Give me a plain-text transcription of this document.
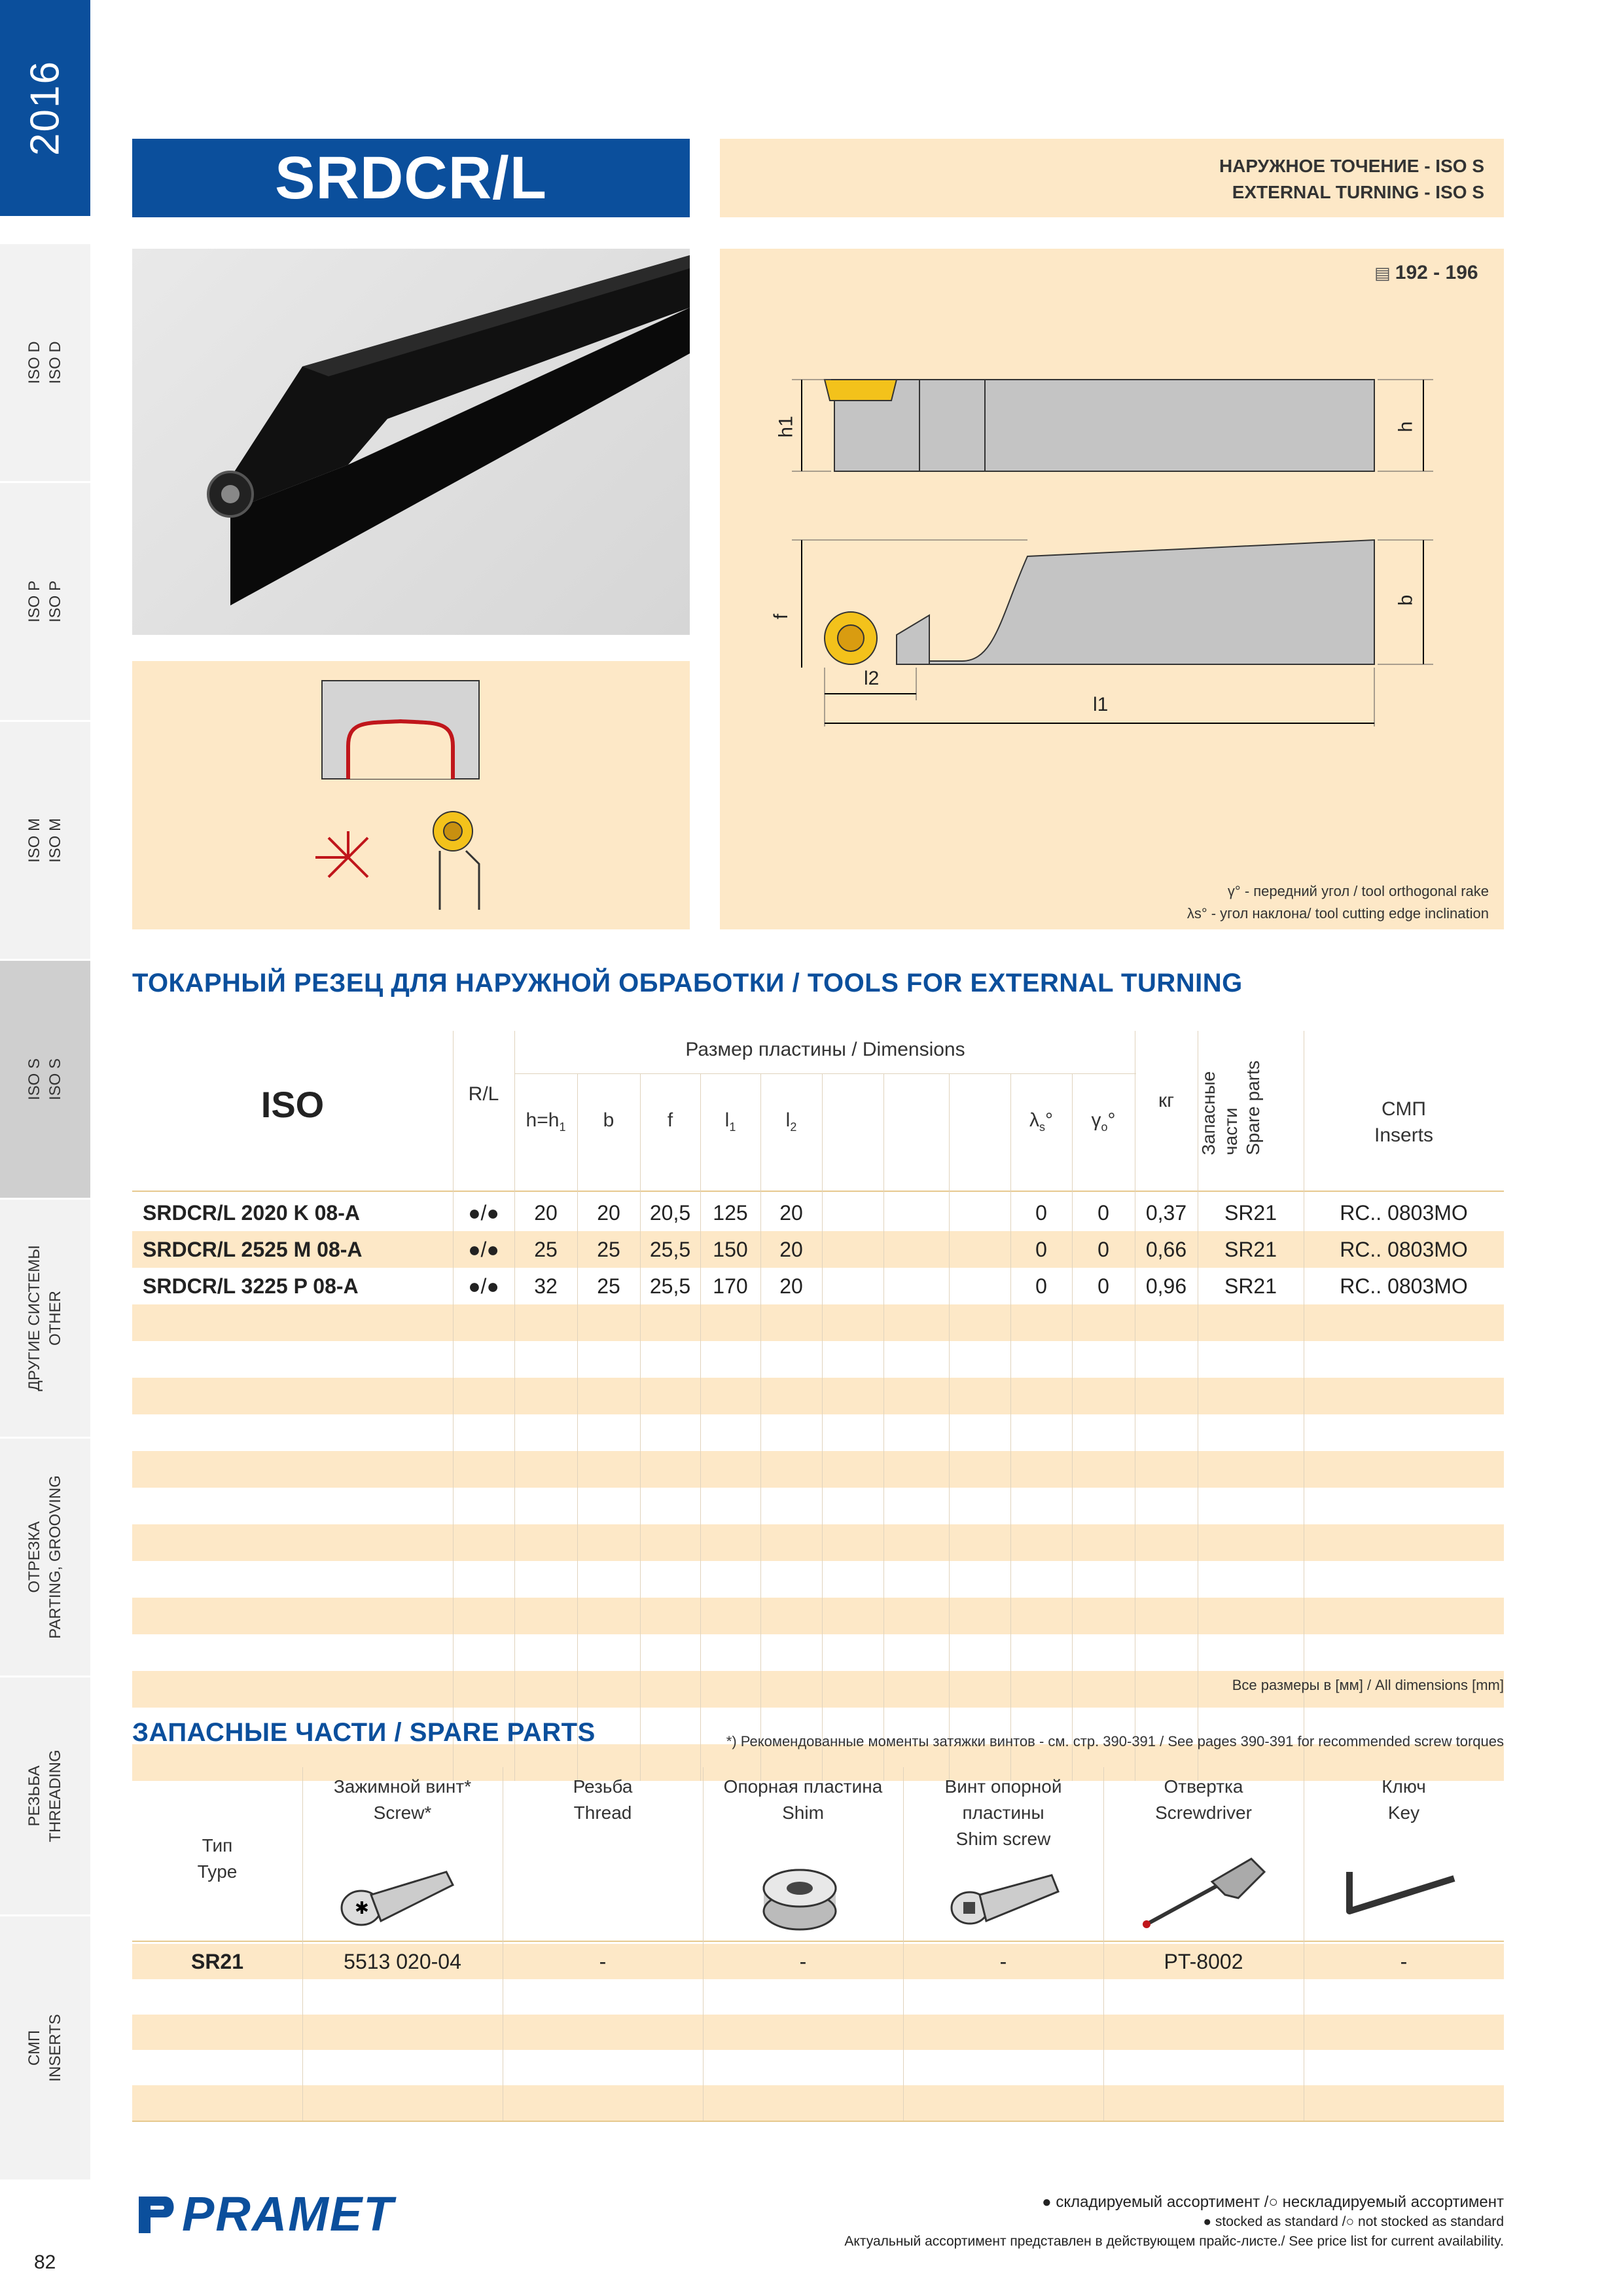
2016
ISO D ISO D
ISO P ISO P
ISO M ISO M
ISO S ISO S
ДРУГИЕ СИСТЕМЫ OTHER
ОТРЕЗКА PARTING, GROOVING
РЕЗЬБА THREADING
СМП INSERTS
SRDCR/L	НАРУЖНОЕ ТОЧЕНИЕ - ISO S
EXTERNAL TURNING - ISO S
h1	h
f
b
l2
l1
▤ 192 - 196
γ° - передний угол / tool orthogonal rake
λs° - угол наклона/ tool cutting edge inclination
ТОКАРНЫЙ РЕЗЕЦ ДЛЯ НАРУЖНОЙ ОБРАБОТКИ / TOOLS FOR EXTERNAL TURNING
ISO	R/L
Размер пластины / Dimensions
$h=h_1$	b	f	$l_1$	$l_2$	$\lambda_s^\circ$	$\gamma_o^\circ$
кг	Запасные части Spare parts	СМП
Inserts
SRDCR/L 2020 K 08-A	●/●	20	20	20,5	125	20	0	0	0,37	SR21	RC.. 0803MO
SRDCR/L 2525 M 08-A	●/●	25	25	25,5	150	20	0	0	0,66	SR21	RC.. 0803MO
SRDCR/L 3225 P 08-A	●/●	32	25	25,5	170	20	0	0	0,96	SR21	RC.. 0803MO
Все размеры в [мм] / All dimensions [mm]
ЗАПАСНЫЕ ЧАСТИ / SPARE PARTS	*) Рекомендованные моменты затяжки винтов - см. стр. 390-391 / See pages 390-391 for recommended screw torques
Тип
Type
Зажимной винт*
Screw*
Резьба
Thread
Опорная пластина
Shim
Винт опорной пластины
Shim screw
Отвертка
Screwdriver
Ключ
Key
✱
SR21	5513 020-04	-	-	-	PT-8002	-
PRAMET
82
● складируемый ассортимент /○ нескладируемый ассортимент
● stocked as standard /○ not stocked as standard
Актуальный ассортимент представлен в действующем прайс-листе./ See price list for current availability.
